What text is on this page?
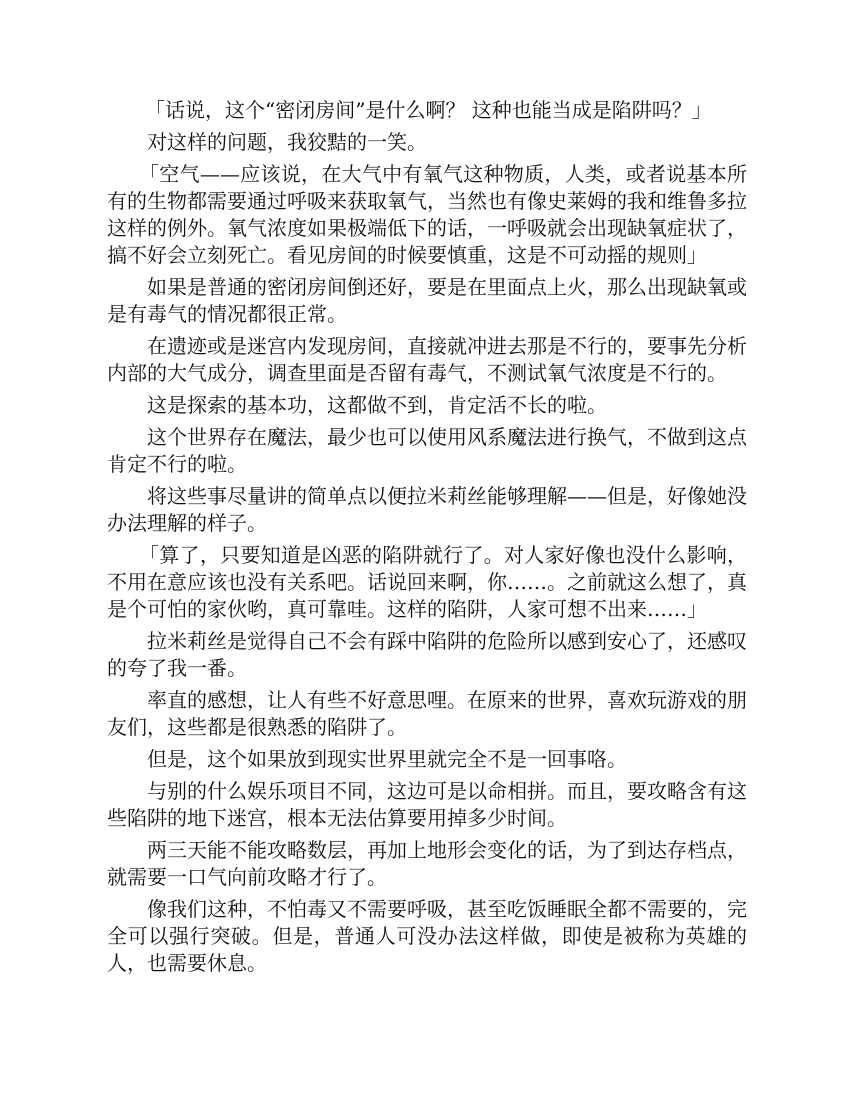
「话说，这个“密闭房间”是什么啊？ 这种也能当成是陷阱吗？」

对这样的问题，我狡黠的一笑。

「空气——应该说，在大气中有氧气这种物质，人类，或者说基本所有的生物都需要通过呼吸来获取氧气，当然也有像史莱姆的我和维鲁多拉这样的例外。氧气浓度如果极端低下的话，一呼吸就会出现缺氧症状了，搞不好会立刻死亡。看见房间的时候要慎重，这是不可动摇的规则」

如果是普通的密闭房间倒还好，要是在里面点上火，那么出现缺氧或是有毒气的情况都很正常。

在遗迹或是迷宫内发现房间，直接就冲进去那是不行的，要事先分析内部的大气成分，调查里面是否留有毒气，不测试氧气浓度是不行的。

这是探索的基本功，这都做不到，肯定活不长的啦。

这个世界存在魔法，最少也可以使用风系魔法进行换气，不做到这点肯定不行的啦。

将这些事尽量讲的简单点以便拉米莉丝能够理解——但是，好像她没办法理解的样子。

「算了，只要知道是凶恶的陷阱就行了。对人家好像也没什么影响，不用在意应该也没有关系吧。话说回来啊，你……。之前就这么想了，真是个可怕的家伙哟，真可靠哇。这样的陷阱，人家可想不出来……」

拉米莉丝是觉得自己不会有踩中陷阱的危险所以感到安心了，还感叹的夸了我一番。

率直的感想，让人有些不好意思哩。在原来的世界，喜欢玩游戏的朋友们，这些都是很熟悉的陷阱了。

但是，这个如果放到现实世界里就完全不是一回事咯。

与别的什么娱乐项目不同，这边可是以命相拼。而且，要攻略含有这些陷阱的地下迷宫，根本无法估算要用掉多少时间。

两三天能不能攻略数层，再加上地形会变化的话，为了到达存档点，就需要一口气向前攻略才行了。

像我们这种，不怕毒又不需要呼吸，甚至吃饭睡眠全都不需要的，完全可以强行突破。但是，普通人可没办法这样做，即使是被称为英雄的人，也需要休息。
